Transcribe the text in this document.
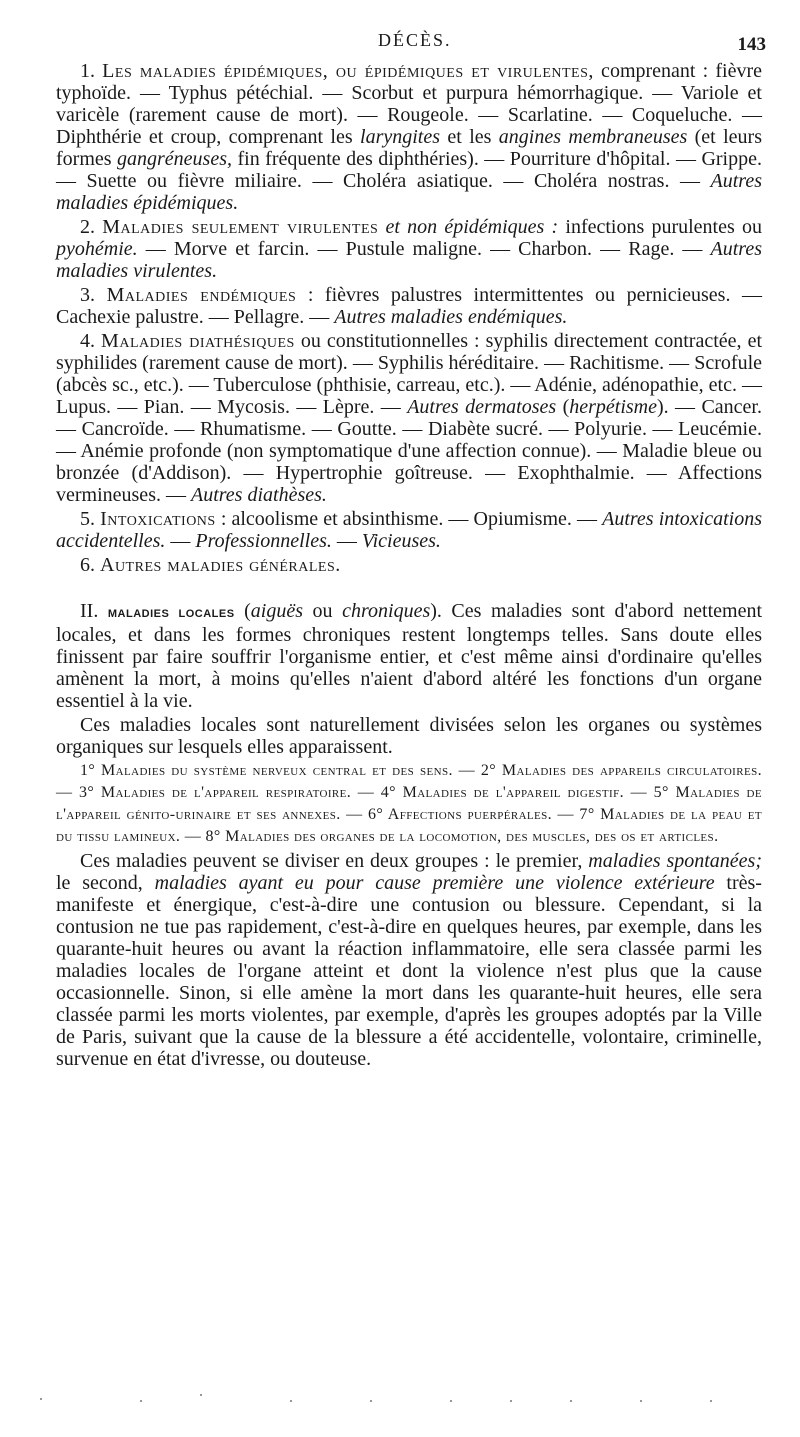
DÉCÈS.	143

1. Les maladies épidémiques, ou épidémiques et virulentes, comprenant : fièvre typhoïde. — Typhus pétéchial. — Scorbut et purpura hémorrhagique. — Variole et varicèle (rarement cause de mort). — Rougeole. — Scarlatine. — Coqueluche. — Diphthérie et croup, comprenant les laryngites et les angines membraneuses (et leurs formes gangréneuses, fin fréquente des diphthéries). — Pourriture d'hôpital. — Grippe. — Suette ou fièvre miliaire. — Choléra asiatique. — Choléra nostras. — Autres maladies épidémiques.

2. Maladies seulement virulentes et non épidémiques : infections purulentes ou pyohémie. — Morve et farcin. — Pustule maligne. — Charbon. — Rage. — Autres maladies virulentes.

3. Maladies endémiques : fièvres palustres intermittentes ou pernicieuses. — Cachexie palustre. — Pellagre. — Autres maladies endémiques.

4. Maladies diathésiques ou constitutionnelles : syphilis directement contractée, et syphilides (rarement cause de mort). — Syphilis héréditaire. — Rachitisme. — Scrofule (abcès sc., etc.). — Tuberculose (phthisie, carreau, etc.). — Adénie, adénopathie, etc. — Lupus. — Pian. — Mycosis. — Lèpre. — Autres dermatoses (herpétisme). — Cancer. — Cancroïde. — Rhumatisme. — Goutte. — Diabète sucré. — Polyurie. — Leucémie. — Anémie profonde (non symptomatique d'une affection connue). — Maladie bleue ou bronzée (d'Addison). — Hypertrophie goîtreuse. — Exophthalmie. — Affections vermineuses. — Autres diathèses.

5. Intoxications : alcoolisme et absinthisme. — Opiumisme. — Autres intoxications accidentelles. — Professionnelles. — Vicieuses.

6. Autres maladies générales.

II. maladies locales (aiguës ou chroniques). Ces maladies sont d'abord nettement locales, et dans les formes chroniques restent longtemps telles. Sans doute elles finissent par faire souffrir l'organisme entier, et c'est même ainsi d'ordinaire qu'elles amènent la mort, à moins qu'elles n'aient d'abord altéré les fonctions d'un organe essentiel à la vie.

Ces maladies locales sont naturellement divisées selon les organes ou systèmes organiques sur lesquels elles apparaissent.

1° Maladies du système nerveux central et des sens. — 2° Maladies des appareils circulatoires. — 3° Maladies de l'appareil respiratoire. — 4° Maladies de l'appareil digestif. — 5° Maladies de l'appareil génito-urinaire et ses annexes. — 6° Affections puerpérales. — 7° Maladies de la peau et du tissu lamineux. — 8° Maladies des organes de la locomotion, des muscles, des os et articles.

Ces maladies peuvent se diviser en deux groupes : le premier, maladies spontanées; le second, maladies ayant eu pour cause première une violence extérieure très-manifeste et énergique, c'est-à-dire une contusion ou blessure. Cependant, si la contusion ne tue pas rapidement, c'est-à-dire en quelques heures, par exemple, dans les quarante-huit heures ou avant la réaction inflammatoire, elle sera classée parmi les maladies locales de l'organe atteint et dont la violence n'est plus que la cause occasionnelle. Sinon, si elle amène la mort dans les quarante-huit heures, elle sera classée parmi les morts violentes, par exemple, d'après les groupes adoptés par la Ville de Paris, suivant que la cause de la blessure a été accidentelle, volontaire, criminelle, survenue en état d'ivresse, ou douteuse.
